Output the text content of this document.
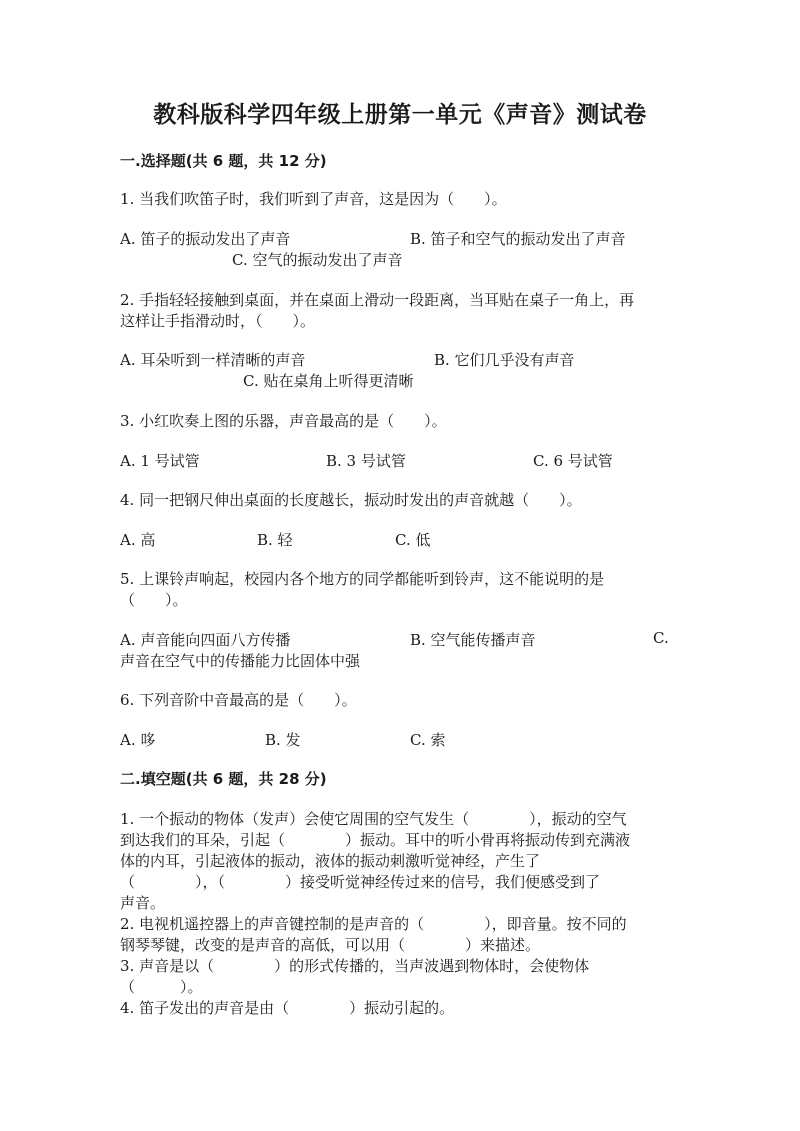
教科版科学四年级上册第一单元《声音》测试卷
一.选择题(共 6 题，共 12 分)

1. 当我们吹笛子时，我们听到了声音，这是因为（　　）。

A. 笛子的振动发出了声音	B. 笛子和空气的振动发出了声音
C. 空气的振动发出了声音

2. 手指轻轻接触到桌面，并在桌面上滑动一段距离，当耳贴在桌子一角上，再

这样让手指滑动时，（　　）。

A. 耳朵听到一样清晰的声音	B. 它们几乎没有声音
C. 贴在桌角上听得更清晰

3. 小红吹奏上图的乐器，声音最高的是（　　）。

A. 1 号试管	B. 3 号试管	C. 6 号试管

4. 同一把钢尺伸出桌面的长度越长，振动时发出的声音就越（　　）。

A. 高	B. 轻	C. 低

5. 上课铃声响起，校园内各个地方的同学都能听到铃声，这不能说明的是

（　　）。

A. 声音能向四面八方传播	B. 空气能传播声音	C.
声音在空气中的传播能力比固体中强

6. 下列音阶中音最高的是（　　）。

A. 哆	B. 发	C. 索
二.填空题(共 6 题，共 28 分)

1. 一个振动的物体（发声）会使它周围的空气发生（　　　　），振动的空气

到达我们的耳朵，引起（　　　　）振动。耳中的听小骨再将振动传到充满液

体的内耳，引起液体的振动，液体的振动刺激听觉神经，产生了

（　　　　），（　　　　）接受听觉神经传过来的信号，我们便感受到了

声音。

2. 电视机遥控器上的声音键控制的是声音的（　　　　），即音量。按不同的

钢琴琴键，改变的是声音的高低，可以用（　　　　）来描述。

3. 声音是以（　　　　）的形式传播的，当声波遇到物体时，会使物体

（　　　）。

4. 笛子发出的声音是由（　　　　）振动引起的。
